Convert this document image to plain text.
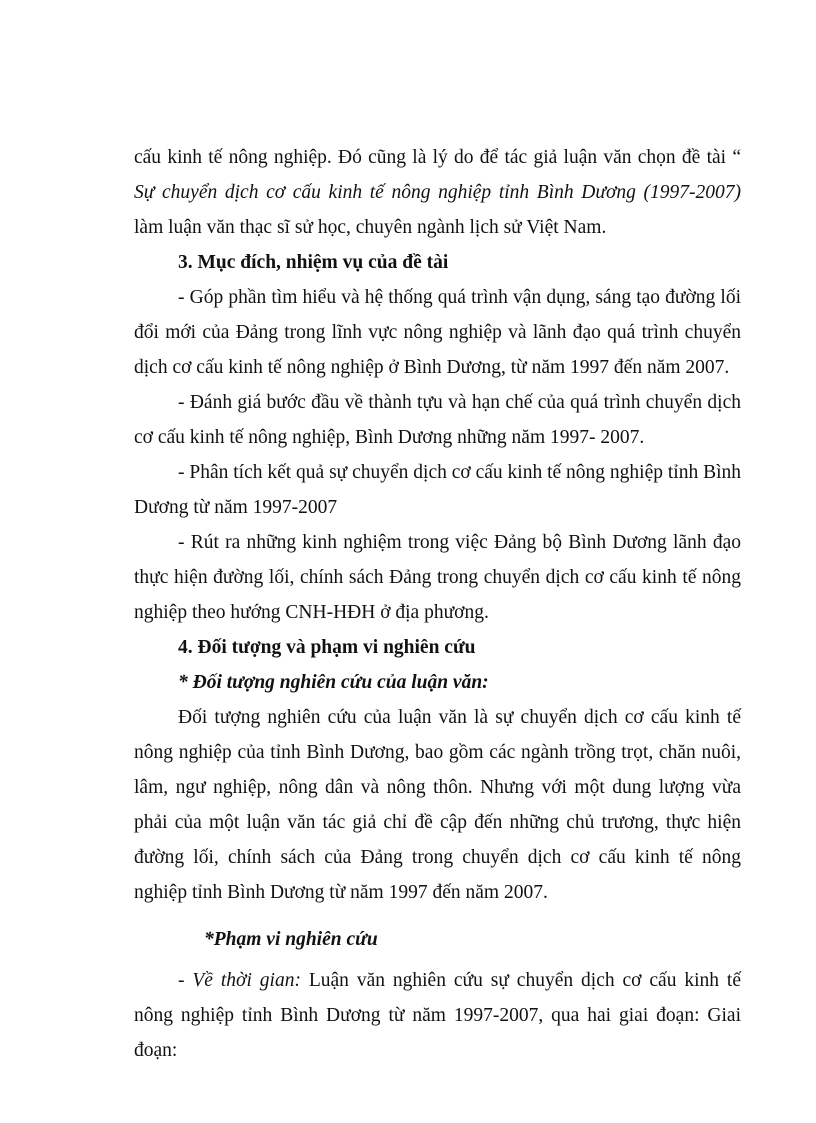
cấu kinh tế nông nghiệp. Đó cũng là lý do để tác giả luận văn chọn đề tài “ Sự chuyển dịch cơ cấu kinh tế nông nghiệp tỉnh Bình Dương (1997-2007) làm luận văn thạc sĩ sử học, chuyên ngành lịch sử Việt Nam.

3. Mục đích, nhiệm vụ của đề tài

- Góp phần tìm hiểu và hệ thống quá trình vận dụng, sáng tạo đường lối đổi mới của Đảng trong lĩnh vực nông nghiệp và lãnh đạo quá trình chuyển dịch cơ cấu kinh tế nông nghiệp ở Bình Dương, từ năm 1997 đến năm 2007.

- Đánh giá bước đầu về thành tựu và hạn chế của quá trình chuyển dịch cơ cấu kinh tế nông nghiệp, Bình Dương những năm 1997- 2007.

- Phân tích kết quả sự chuyển dịch cơ cấu kinh tế nông nghiệp tỉnh Bình Dương từ năm 1997-2007

- Rút ra những kinh nghiệm trong việc Đảng bộ Bình Dương lãnh đạo thực hiện đường lối, chính sách Đảng trong chuyển dịch cơ cấu kinh tế nông nghiệp theo hướng CNH-HĐH ở địa phương.

4. Đối tượng và phạm vi nghiên cứu

* Đối tượng nghiên cứu của luận văn:

Đối tượng nghiên cứu của luận văn là sự chuyển dịch cơ cấu kinh tế nông nghiệp của tỉnh Bình Dương, bao gồm các ngành trồng trọt, chăn nuôi, lâm, ngư nghiệp, nông dân và nông thôn. Nhưng với một dung lượng vừa phải của một luận văn tác giả chỉ đề cập đến những chủ trương, thực hiện đường lối, chính sách của Đảng trong chuyển dịch cơ cấu kinh tế nông nghiệp tỉnh Bình Dương từ năm 1997 đến năm 2007.

*Phạm vi nghiên cứu

- Về thời gian: Luận văn nghiên cứu sự chuyển dịch cơ cấu kinh tế nông nghiệp tỉnh Bình Dương từ năm 1997-2007, qua hai giai đoạn: Giai đoạn:
